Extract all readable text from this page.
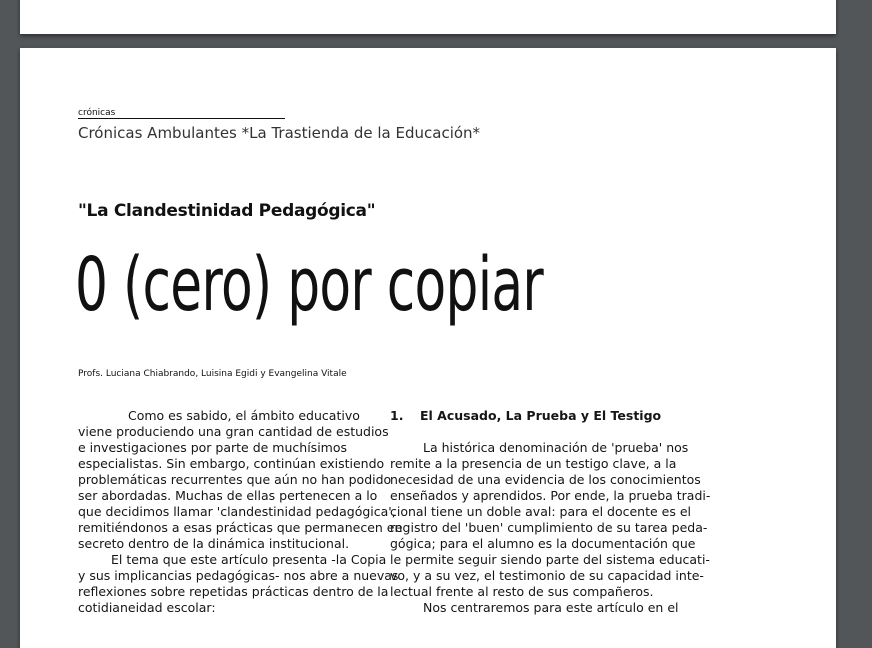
crónicas
Crónicas Ambulantes *La Trastienda de la Educación*
"La Clandestinidad Pedagógica"
0 (cero) por copiar
Profs. Luciana Chiabrando, Luisina Egidi y Evangelina Vitale

Como es sabido, el ámbito educativo

viene produciendo una gran cantidad de estudios
e investigaciones por parte de muchísimos
especialistas. Sin embargo, continúan existiendo
problemáticas recurrentes que aún no han podido
ser abordadas. Muchas de ellas pertenecen a lo
que decidimos llamar 'clandestinidad pedagógica',
remitiéndonos a esas prácticas que permanecen en
secreto dentro de la dinámica institucional.

El tema que este artículo presenta -la Copia

y sus implicancias pedagógicas- nos abre a nuevas
reflexiones sobre repetidas prácticas dentro de la
cotidianeidad escolar:

1. El Acusado, La Prueba y El Testigo

La histórica denominación de 'prueba' nos

remite a la presencia de un testigo clave, a la
necesidad de una evidencia de los conocimientos
enseñados y aprendidos. Por ende, la prueba tradi-
cional tiene un doble aval: para el docente es el
registro del 'buen' cumplimiento de su tarea peda-
gógica; para el alumno es la documentación que
le permite seguir siendo parte del sistema educati-
vo, y a su vez, el testimonio de su capacidad inte-
lectual frente al resto de sus compañeros.

Nos centraremos para este artículo en el
